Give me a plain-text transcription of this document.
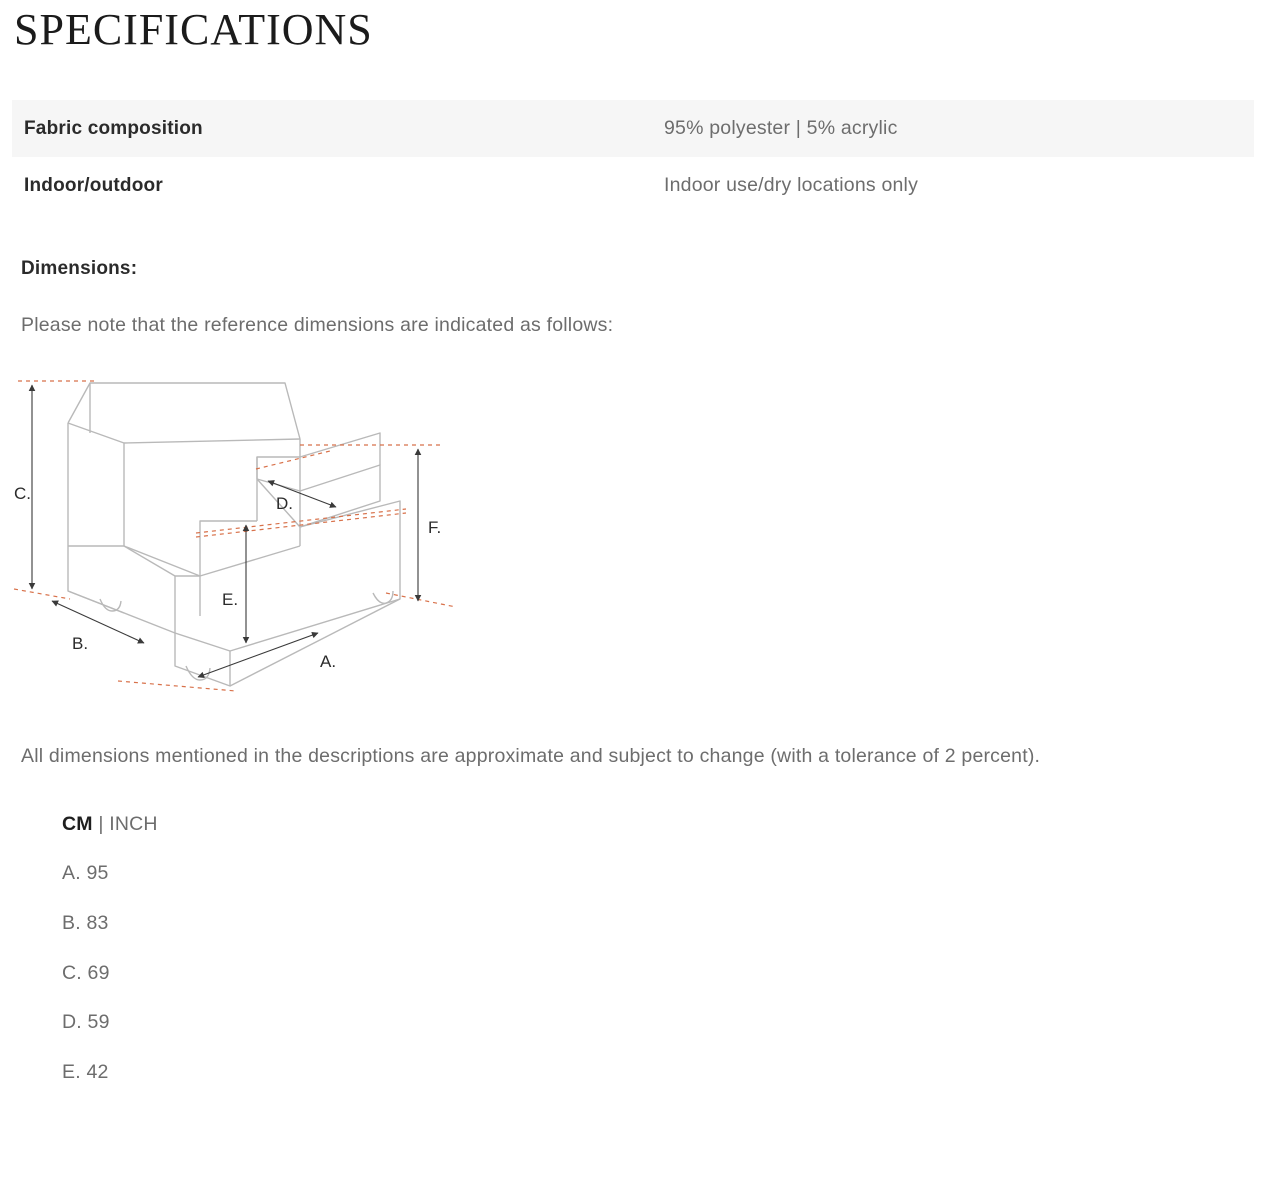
SPECIFICATIONS
Fabric composition	95% polyester | 5% acrylic
Indoor/outdoor	Indoor use/dry locations only
Dimensions:
Please note that the reference dimensions are indicated as follows:
C.
B.
A.
F.
E.
D.
All dimensions mentioned in the descriptions are approximate and subject to change (with a tolerance of 2 percent).
CM | INCH
A. 95
B. 83
C. 69
D. 59
E. 42
